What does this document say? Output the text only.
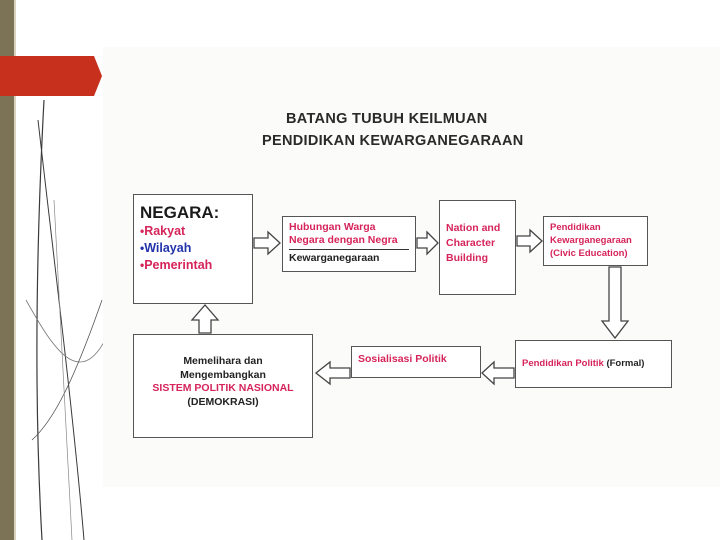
BATANG TUBUH KEILMUAN
PENDIDIKAN KEWARGANEGARAAN
NEGARA:
•Rakyat
•Wilayah
•Pemerintah
Hubungan Warga
Negara dengan Negra
Kewarganegaraan
Nation and
Character
Building
Pendidikan
Kewarganegaraan
(Civic Education)
Memelihara dan
Mengembangkan
SISTEM POLITIK NASIONAL
(DEMOKRASI)
Sosialisasi Politik	Pendidikan Politik (Formal)
